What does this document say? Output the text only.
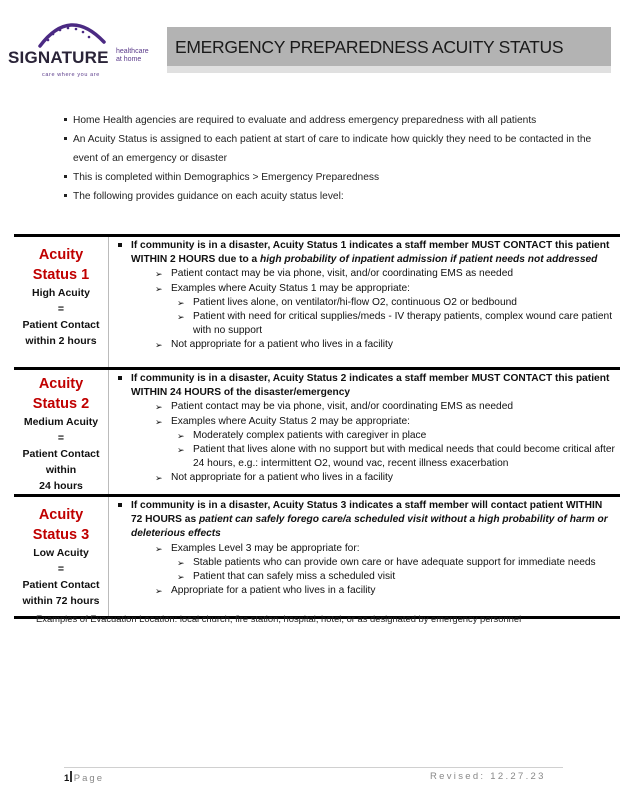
SIGNATURE healthcare
at home
care where you are
EMERGENCY PREPAREDNESS ACUITY STATUS
Home Health agencies are required to evaluate and address emergency preparedness with all patients
An Acuity Status is assigned to each patient at start of care to indicate how quickly they need to be contacted in the event of an emergency or disaster
This is completed within Demographics > Emergency Preparedness
The following provides guidance on each acuity status level:
Acuity
Status 1
High Acuity
=
Patient Contact
within 2 hours

If community is in a disaster, Acuity Status 1 indicates a staff member MUST CONTACT this patient WITHIN 2 HOURS due to a high probability of inpatient admission if patient needs not addressed
➢ Patient contact may be via phone, visit, and/or coordinating EMS as needed
➢ Examples where Acuity Status 1 may be appropriate:
➢ Patient lives alone, on ventilator/hi-flow O2, continuous O2 or bedbound
➢ Patient with need for critical supplies/meds - IV therapy patients, complex wound care patient with no support
➢ Not appropriate for a patient who lives in a facility

Acuity
Status 2
Medium Acuity
=
Patient Contact
within
24 hours

If community is in a disaster, Acuity Status 2 indicates a staff member MUST CONTACT this patient WITHIN 24 HOURS of the disaster/emergency
➢ Patient contact may be via phone, visit, and/or coordinating EMS as needed
➢ Examples where Acuity Status 2 may be appropriate:
➢ Moderately complex patients with caregiver in place
➢ Patient that lives alone with no support but with medical needs that could become critical after 24 hours, e.g.: intermittent O2, wound vac, recent illness exacerbation
➢ Not appropriate for a patient who lives in a facility

Acuity
Status 3
Low Acuity
=
Patient Contact
within 72 hours

If community is in a disaster, Acuity Status 3 indicates a staff member will contact patient WITHIN 72 HOURS as patient can safely forego care/a scheduled visit without a high probability of harm or deleterious effects
➢ Examples Level 3 may be appropriate for:
➢ Stable patients who can provide own care or have adequate support for immediate needs
➢ Patient that can safely miss a scheduled visit
➢ Appropriate for a patient who lives in a facility
Examples of Evacuation Location: local church, fire station, hospital, hotel, or as designated by emergency personnel
1 Page	Revised: 12.27.23
